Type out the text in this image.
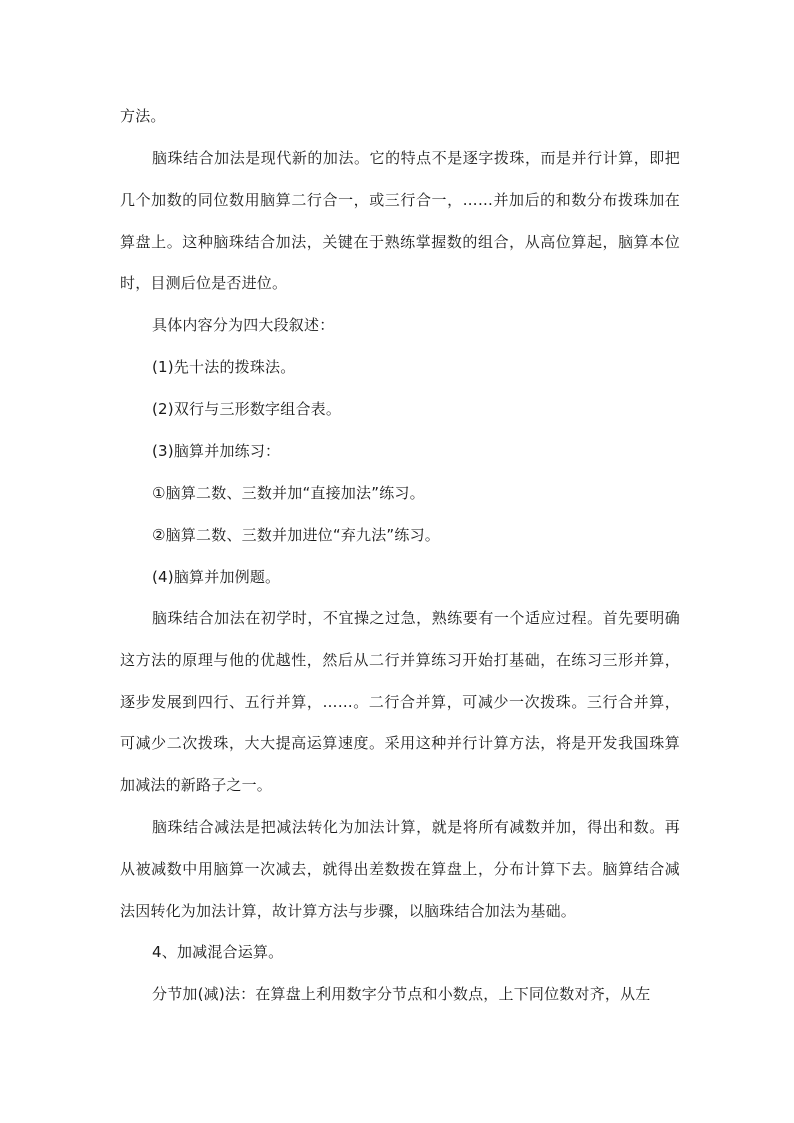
方法。

脑珠结合加法是现代新的加法。它的特点不是逐字拨珠，而是并行计算，即把几个加数的同位数用脑算二行合一，或三行合一，……并加后的和数分布拨珠加在算盘上。这种脑珠结合加法，关键在于熟练掌握数的组合，从高位算起，脑算本位时，目测后位是否进位。

具体内容分为四大段叙述：

(1)先十法的拨珠法。

(2)双行与三形数字组合表。

(3)脑算并加练习：

①脑算二数、三数并加“直接加法”练习。

②脑算二数、三数并加进位“弃九法”练习。

(4)脑算并加例题。

脑珠结合加法在初学时，不宜操之过急，熟练要有一个适应过程。首先要明确这方法的原理与他的优越性，然后从二行并算练习开始打基础，在练习三形并算，逐步发展到四行、五行并算，……。二行合并算，可减少一次拨珠。三行合并算，可减少二次拨珠，大大提高运算速度。采用这种并行计算方法，将是开发我国珠算加减法的新路子之一。

脑珠结合减法是把减法转化为加法计算，就是将所有减数并加，得出和数。再从被减数中用脑算一次减去，就得出差数拨在算盘上，分布计算下去。脑算结合减法因转化为加法计算，故计算方法与步骤，以脑珠结合加法为基础。

4、加减混合运算。

分节加(减)法：在算盘上利用数字分节点和小数点，上下同位数对齐，从左
